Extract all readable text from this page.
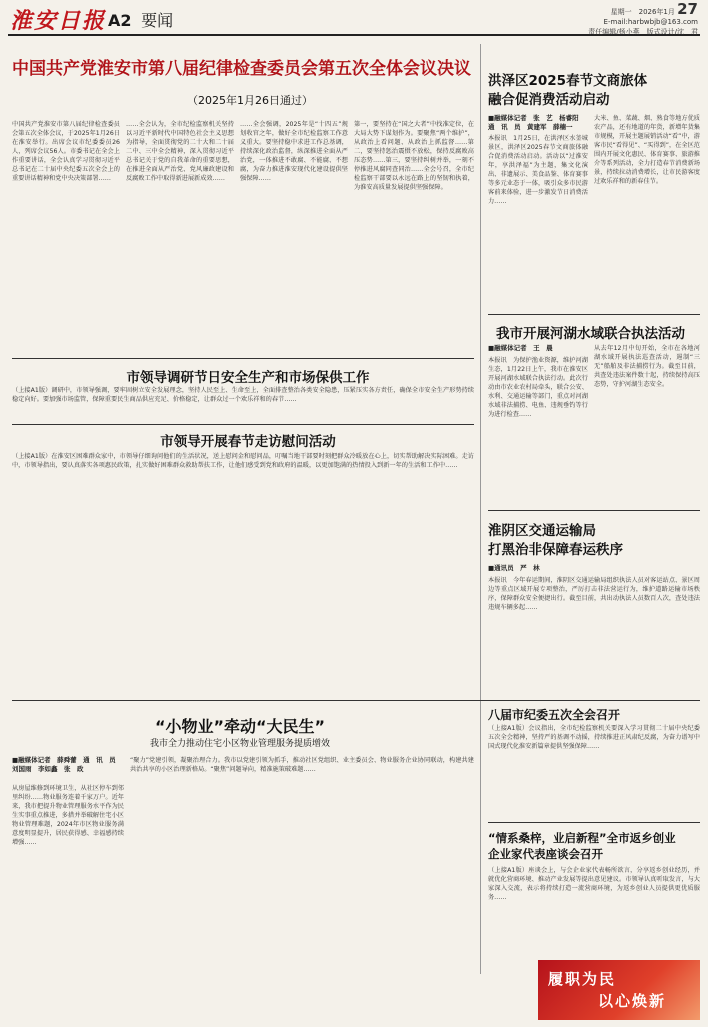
淮安日报 A2 要闻	星期一　2026年1月 27
E-mail:harbwbjb@163.com
责任编辑/杨小燕　版式设计/沈　君
中国共产党淮安市第八届纪律检查委员会第五次全体会议决议
（2025年1月26日通过）
中国共产党淮安市第八届纪律检查委员会第五次全体会议，于2025年1月26日在淮安举行。出席会议市纪委委员26人，列席会议56人。市委书记在全会上作重要讲话，全会认真学习贯彻习近平总书记在二十届中央纪委五次全会上的重要讲话精神和党中央决策部署……
……全会认为，全市纪检监察机关坚持以习近平新时代中国特色社会主义思想为指导，全面贯彻党的二十大和二十届二中、三中全会精神，深入贯彻习近平总书记关于党的自我革命的重要思想，在推进全面从严治党、党风廉政建设和反腐败工作中取得新进展新成效……
……全会强调，2025年是“十四五”规划收官之年，做好全市纪检监察工作意义重大。要坚持稳中求进工作总基调，持续深化政治监督，纵深推进全面从严治党，一体推进不敢腐、不能腐、不想腐，为奋力推进淮安现代化建设提供坚强保障……
第一，要坚持在“国之大者”中找准定位，在大局大势下谋划作为。要聚焦“两个维护”，从政治上看问题、从政治上抓监督……第二，要坚持惩治震慑不放松，保持反腐败高压态势……第三，要坚持纠树并举，一刻不停推进风腐同查同治……全会号召，全市纪检监察干部要以永远在路上的坚韧和执着，为淮安高质量发展提供坚强保障。
洪泽区2025春节文商旅体
融合促消费活动启动
■融媒体记者　张　艺　杨睿阳　通　讯　员　黄建军　薛楠一
本报讯　1月25日，在洪泽区水釜城景区，洪泽区2025春节文商旅体融合促消费活动启动。活动以“过淮安年，享洪泽福”为主题，集文化演出、非遗展示、美食品鉴、体育赛事等多元业态于一体，吸引众多市民游客前来体验，进一步激发节日消费活力……
大米、鱼、菜蔬、烟、熟食等地方优质农产品，还有地道的年货，新增年货集市规模，开展主题展销活动“看”中，游客市民“看得见”、“买得到”，在全区范围内开展文化惠民、体育赛事、旅游推介等系列活动，全力打造春节消费新场景，持续拉动消费增长，让市民游客度过欢乐祥和的新春佳节。
我市开展河湖水域联合执法活动
■融媒体记者　王　晨
本报讯　为保护渔业资源，维护河湖生态，1月22日上午，我市在淮安区开展河湖水域联合执法行动。此次行动由市农业农村局牵头，联合公安、水利、交通运输等部门，重点对河湖水域非法捕捞、电鱼、违规垂钓等行为进行检查……
从去年12月中旬开始，全市在各地河湖水域开展执法巡查活动，遏制“三无”船舶及非法捕捞行为。截至目前，共查处违法案件数十起，持续保持高压态势，守护河湖生态安全。
市领导调研节日安全生产和市场保供工作
（上接A1版）调研中，市领导强调，要牢固树立安全发展理念，坚持人民至上、生命至上，全面排查整治各类安全隐患，压紧压实各方责任，确保全市安全生产形势持续稳定向好。要加强市场监管，保障重要民生商品供应充足、价格稳定，让群众过一个欢乐祥和的春节……
市领导开展春节走访慰问活动
（上接A1版）在淮安区困难群众家中，市领导仔细询问他们的生活状况，送上慰问金和慰问品，叮嘱当地干部要时刻把群众冷暖放在心上，切实帮助解决实际困难。走访中，市领导指出，要认真落实各项惠民政策，扎实做好困难群众救助帮扶工作，让他们感受到党和政府的温暖，以更加饱满的热情投入到新一年的生活和工作中……
淮阴区交通运输局
打黑治非保障春运秩序
■通讯员　严　林
本报讯　今年春运期间，淮阴区交通运输局组织执法人员对客运站点、景区周边等重点区域开展专项整治，严厉打击非法营运行为，维护道路运输市场秩序，保障群众安全便捷出行。截至目前，共出动执法人员数百人次，查处违法违规车辆多起……
“小物业”牵动“大民生”
我市全力推动住宅小区物业管理服务提质增效
■融媒体记者　薛舜蕾　通　讯　员　刘国雨　李如鑫　张　政
从房屋维修到环境卫生，从社区停车到邻里纠纷……物业服务连着千家万户。近年来，我市把提升物业管理服务水平作为民生实事重点推进，多措并举破解住宅小区物业管理难题，2024年市区物业服务满意度明显提升，居民获得感、幸福感持续增强……
“聚力”党建引领，凝聚治理合力。我市以党建引领为抓手，推动社区党组织、业主委员会、物业服务企业协同联动，构建共建共治共享的小区治理新格局。“聚焦”问题导向，精准施策破难题……
八届市纪委五次全会召开
（上接A1版）会议指出，全市纪检监察机关要深入学习贯彻二十届中央纪委五次全会精神，坚持严的基调不动摇，持续推进正风肃纪反腐，为奋力谱写中国式现代化淮安新篇章提供坚强保障……
“情系桑梓，业启新程”全市返乡创业
企业家代表座谈会召开
（上接A1版）座谈会上，与会企业家代表畅所欲言，分享返乡创业经历，并就优化营商环境、推动产业发展等提出意见建议。市领导认真听取发言，与大家深入交流，表示将持续打造一流营商环境，为返乡创业人员提供更优质服务……
履职为民
以心焕新
